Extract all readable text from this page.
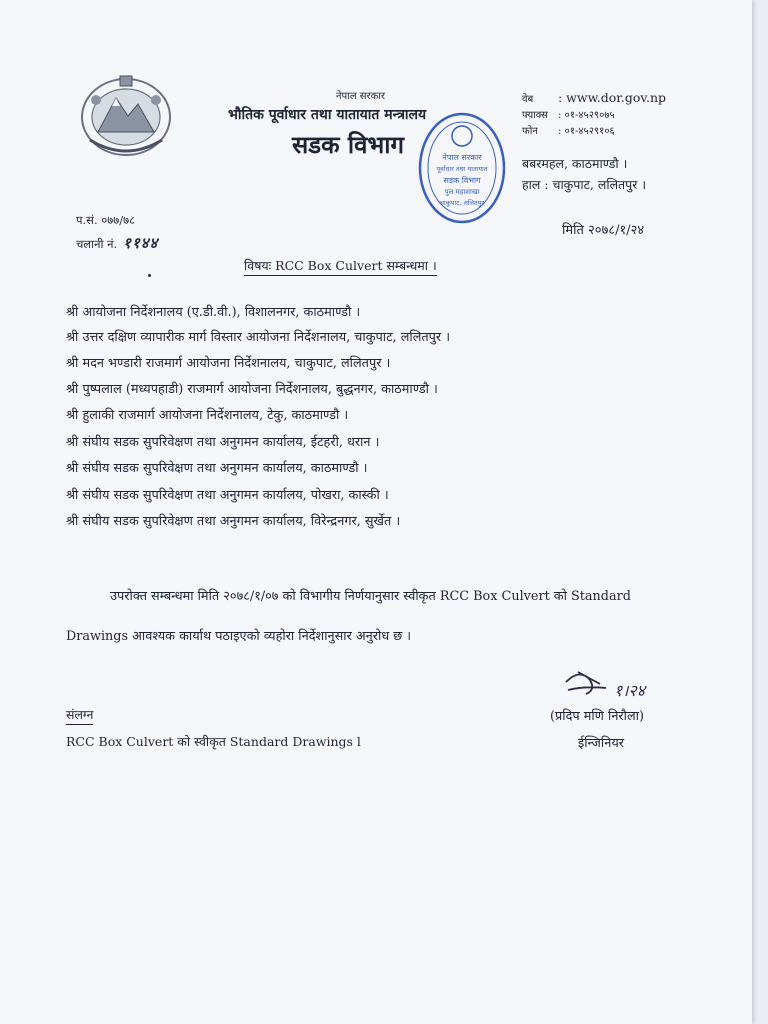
नेपाल सरकार
भौतिक पूर्वाधार तथा यातायात मन्त्रालय
सडक विभाग
वेब : www.dor.gov.np
फ्याक्स : ०१-४५२९०७५
फोन : ०१-४५२९१०६
बबरमहल, काठमाण्डौ ।
हाल : चाकुपाट, ललितपुर ।
नेपाल सरकार
पूर्वाधार तथा यातायात
सडक विभाग
पुल महाशाखा
चाकुपाट, ललितपुर
प.सं. ०७७/७८
चलानी नं. ११४४
मिति २०७८/१/२४
विषयः RCC Box Culvert सम्बन्धमा ।
श्री आयोजना निर्देशनालय (ए.डी.वी.), विशालनगर, काठमाण्डौ ।
श्री उत्तर दक्षिण व्यापारीक मार्ग विस्तार आयोजना निर्देशनालय, चाकुपाट, ललितपुर ।
श्री मदन भण्डारी राजमार्ग आयोजना निर्देशनालय, चाकुपाट, ललितपुर ।
श्री पुष्पलाल (मध्यपहाडी) राजमार्ग आयोजना निर्देशनालय, बुद्धनगर, काठमाण्डौ ।
श्री हुलाकी राजमार्ग आयोजना निर्देशनालय, टेकु, काठमाण्डौ ।
श्री संघीय सडक सुपरिवेक्षण तथा अनुगमन कार्यालय, ईटहरी, धरान ।
श्री संघीय सडक सुपरिवेक्षण तथा अनुगमन कार्यालय, काठमाण्डौ ।
श्री संघीय सडक सुपरिवेक्षण तथा अनुगमन कार्यालय, पोखरा, कास्की ।
श्री संघीय सडक सुपरिवेक्षण तथा अनुगमन कार्यालय, विरेन्द्रनगर, सुर्खेत ।
उपरोक्त सम्बन्धमा मिति २०७८/१/०७ को विभागीय निर्णयानुसार स्वीकृत RCC Box Culvert को Standard
Drawings आवश्यक कार्याथ पठाइएको व्यहोरा निर्देशानुसार अनुरोध छ ।
१।२४
(प्रदिप मणि निरौला)
ईन्जिनियर
संलग्न
RCC Box Culvert को स्वीकृत Standard Drawings l
